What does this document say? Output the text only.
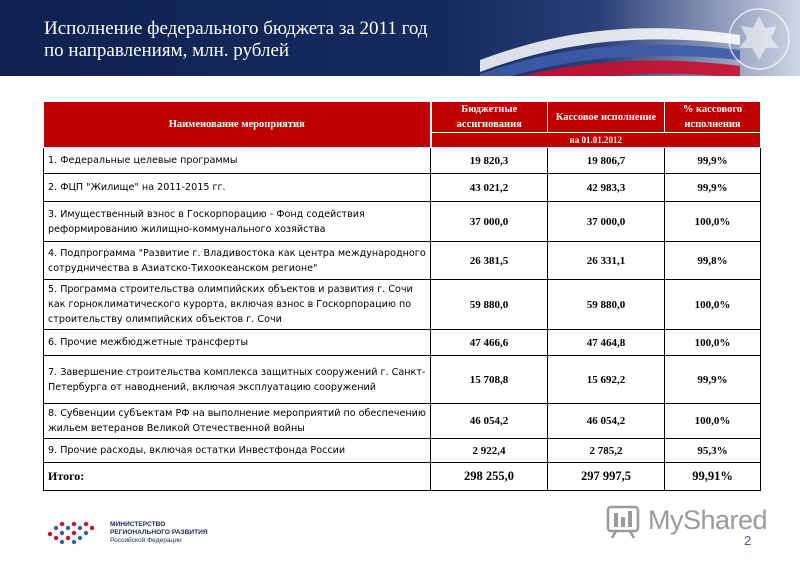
Исполнение федерального бюджета за 2011 год
по направлениям, млн. рублей
Наименование мероприятия	Бюджетные ассигнования	Кассовое исполнение	% кассового исполнения
	на 01.01.2012		
1. Федеральные целевые программы	19 820,3	19 806,7	99,9%
2. ФЦП "Жилище" на 2011-2015 гг.	43 021,2	42 983,3	99,9%
3. Имущественный взнос в Госкорпорацию - Фонд содействия реформированию жилищно-коммунального хозяйства	37 000,0	37 000,0	100,0%
4. Подпрограмма "Развитие г. Владивостока как центра международного сотрудничества в Азиатско-Тихоокеанском регионе"	26 381,5	26 331,1	99,8%
5. Программа строительства олимпийских объектов и развития г. Сочи как горноклиматического курорта, включая взнос в Госкорпорацию по строительству олимпийских объектов г. Сочи	59 880,0	59 880,0	100,0%
6. Прочие межбюджетные трансферты	47 466,6	47 464,8	100,0%
7. Завершение строительства комплекса защитных сооружений г. Санкт-Петербурга от наводнений, включая эксплуатацию сооружений	15 708,8	15 692,2	99,9%
8. Субвенции субъектам РФ на выполнение мероприятий по обеспечению жильем ветеранов Великой Отечественной войны	46 054,2	46 054,2	100,0%
9. Прочие расходы, включая остатки Инвестфонда России	2 922,4	2 785,2	95,3%
Итого:	298 255,0	297 997,5	99,91%
МИНИСТЕРСТВО
РЕГИОНАЛЬНОГО РАЗВИТИЯ
Российской Федерации
MyShared
2
